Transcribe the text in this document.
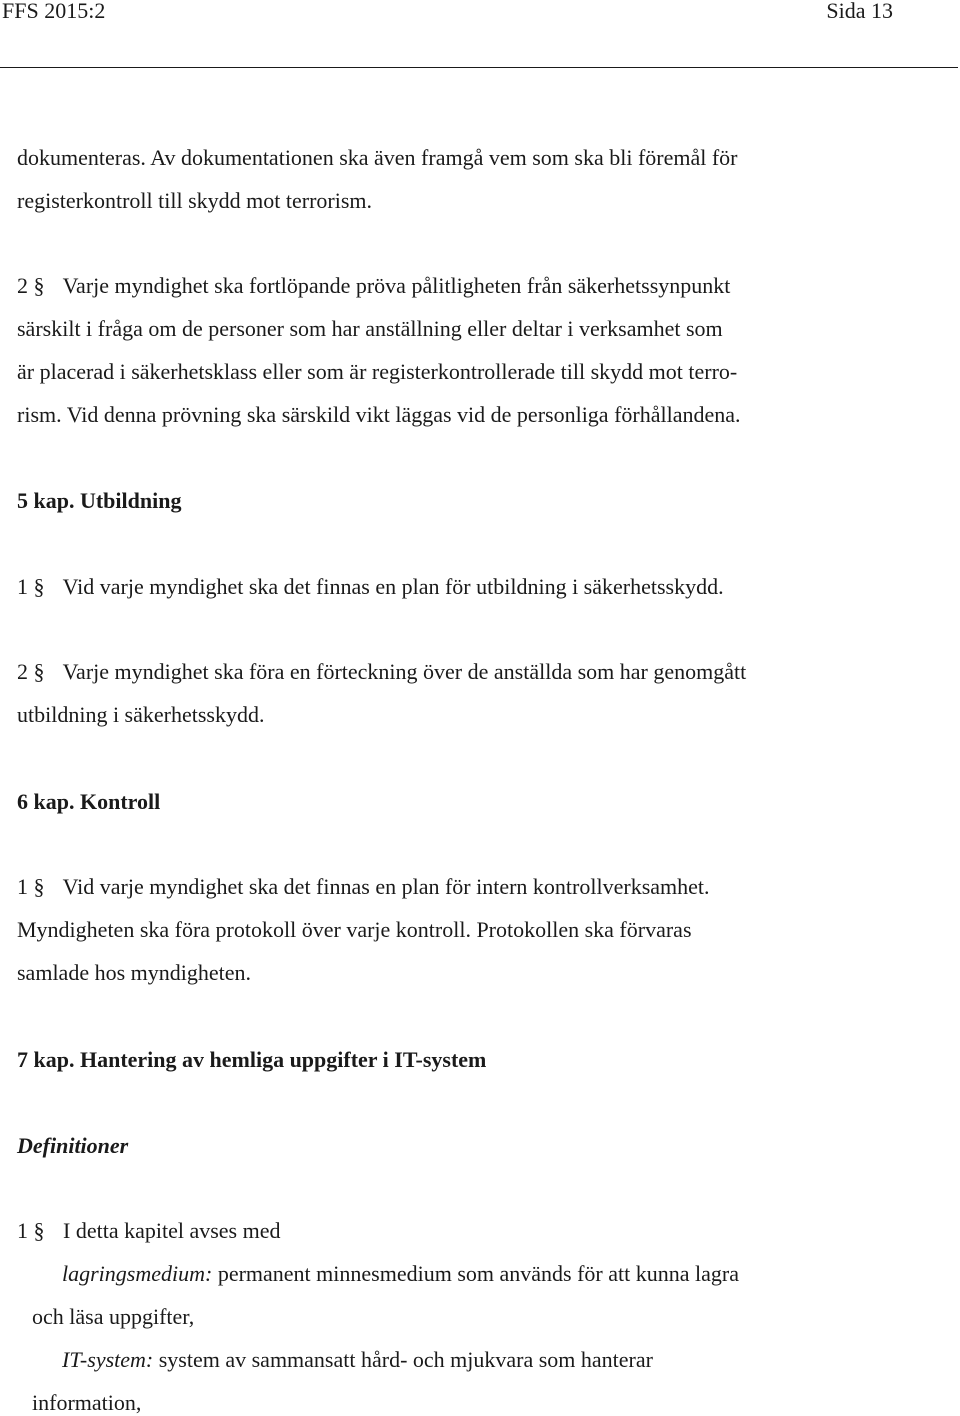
FFS 2015:2	Sida 13
dokumenteras. Av dokumentationen ska även framgå vem som ska bli föremål för
registerkontroll till skydd mot terrorism.
2 § Varje myndighet ska fortlöpande pröva pålitligheten från säkerhetssynpunkt
särskilt i fråga om de personer som har anställning eller deltar i verksamhet som
är placerad i säkerhetsklass eller som är registerkontrollerade till skydd mot terro-
rism. Vid denna prövning ska särskild vikt läggas vid de personliga förhållandena.
5 kap. Utbildning
1 § Vid varje myndighet ska det finnas en plan för utbildning i säkerhetsskydd.
2 § Varje myndighet ska föra en förteckning över de anställda som har genomgått
utbildning i säkerhetsskydd.
6 kap. Kontroll
1 § Vid varje myndighet ska det finnas en plan för intern kontrollverksamhet.
Myndigheten ska föra protokoll över varje kontroll. Protokollen ska förvaras
samlade hos myndigheten.
7 kap. Hantering av hemliga uppgifter i IT-system
Definitioner
1 § I detta kapitel avses med
lagringsmedium: permanent minnesmedium som används för att kunna lagra
och läsa uppgifter,
IT-system: system av sammansatt hård- och mjukvara som hanterar
information,
